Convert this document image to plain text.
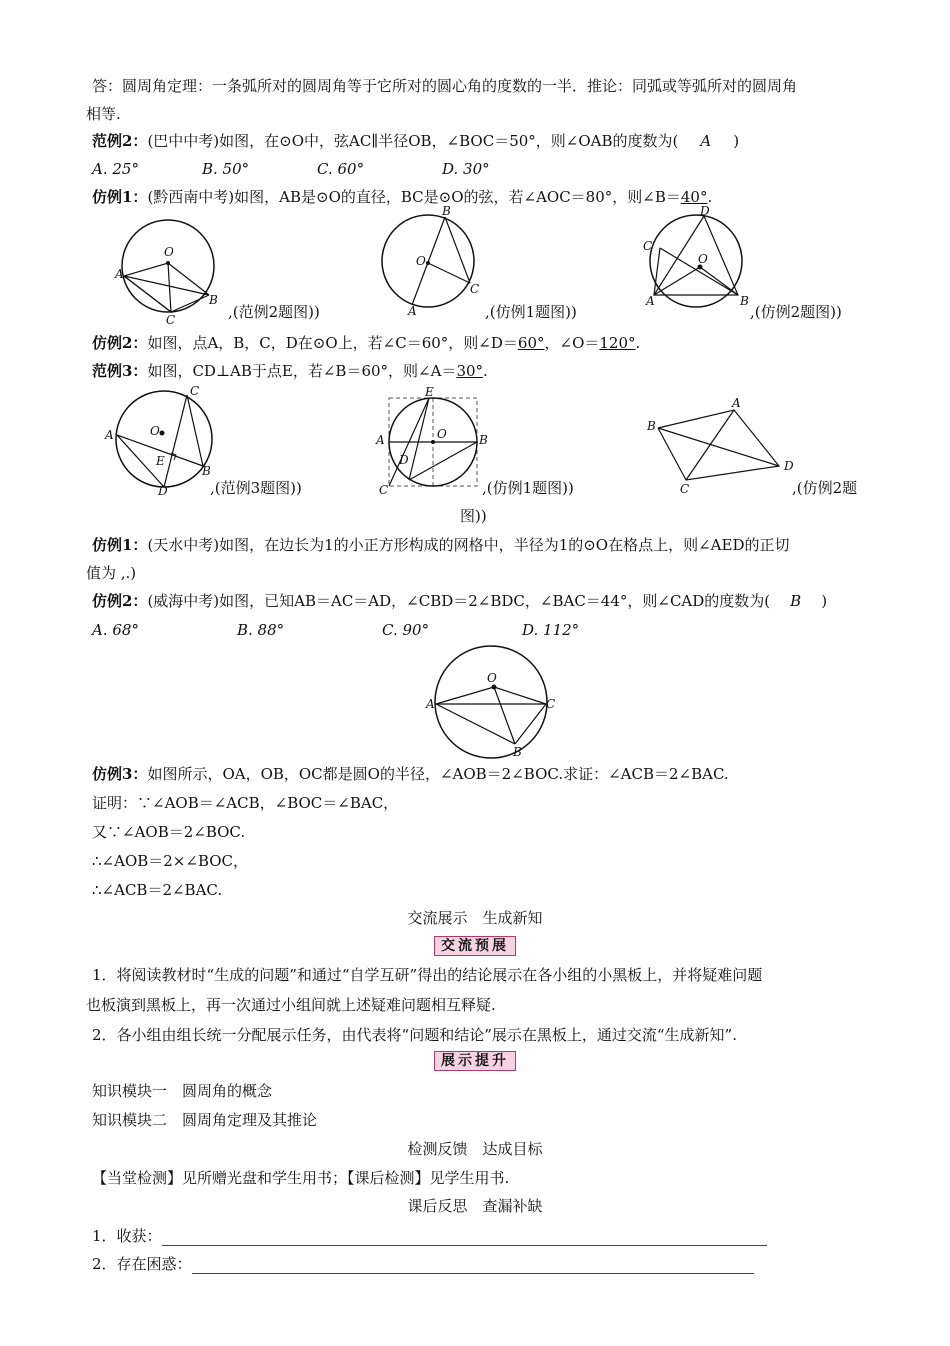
答：圆周角定理：一条弧所对的圆周角等于它所对的圆心角的度数的一半．推论：同弧或等弧所对的圆周角
相等.
范例2：(巴中中考)如图，在⊙O中，弦AC∥半径OB，∠BOC＝50°，则∠OAB的度数为( A )
A. 25°	B. 50°	C. 60°	D. 30°
仿例1：(黔西南中考)如图，AB是⊙O的直径，BC是⊙O的弦，若∠AOC＝80°，则∠B＝40°.
O
A
B
C	,(范例2题图))
B
O
C
A	,(仿例1题图))
D
C
O
A	B
,(仿例2题图))
仿例2：如图，点A，B，C，D在⊙O上，若∠C＝60°，则∠D＝60°，∠O＝120°.
范例3：如图，CD⊥AB于点E，若∠B＝60°，则∠A＝30°.
C
O
A
E
B
D	,(范例3题图))
E
A	O	B
D
C	,(仿例1题图))
B
A
D
C	,(仿例2题
图))
仿例1：(天水中考)如图，在边长为1的小正方形构成的网格中，半径为1的⊙O在格点上，则∠AED的正切
值为 ,.)
仿例2：(威海中考)如图，已知AB＝AC＝AD，∠CBD＝2∠BDC，∠BAC＝44°，则∠CAD的度数为( B )
A. 68°	B. 88°	C. 90°	D. 112°
O
A	C
B
仿例3：如图所示，OA，OB，OC都是圆O的半径，∠AOB＝2∠BOC.求证：∠ACB＝2∠BAC.
证明：∵∠AOB＝∠ACB，∠BOC＝∠BAC，
又∵∠AOB＝2∠BOC.
∴∠AOB＝2×∠BOC，
∴∠ACB＝2∠BAC.
交流展示　生成新知
交流预展
1．将阅读教材时“生成的问题”和通过“自学互研”得出的结论展示在各小组的小黑板上，并将疑难问题
也板演到黑板上，再一次通过小组间就上述疑难问题相互释疑.
2．各小组由组长统一分配展示任务，由代表将“问题和结论”展示在黑板上，通过交流“生成新知”.
展示提升
知识模块一　圆周角的概念
知识模块二　圆周角定理及其推论
检测反馈　达成目标
【当堂检测】见所赠光盘和学生用书；【课后检测】见学生用书.
课后反思　查漏补缺
1．收获：
2．存在困惑：
